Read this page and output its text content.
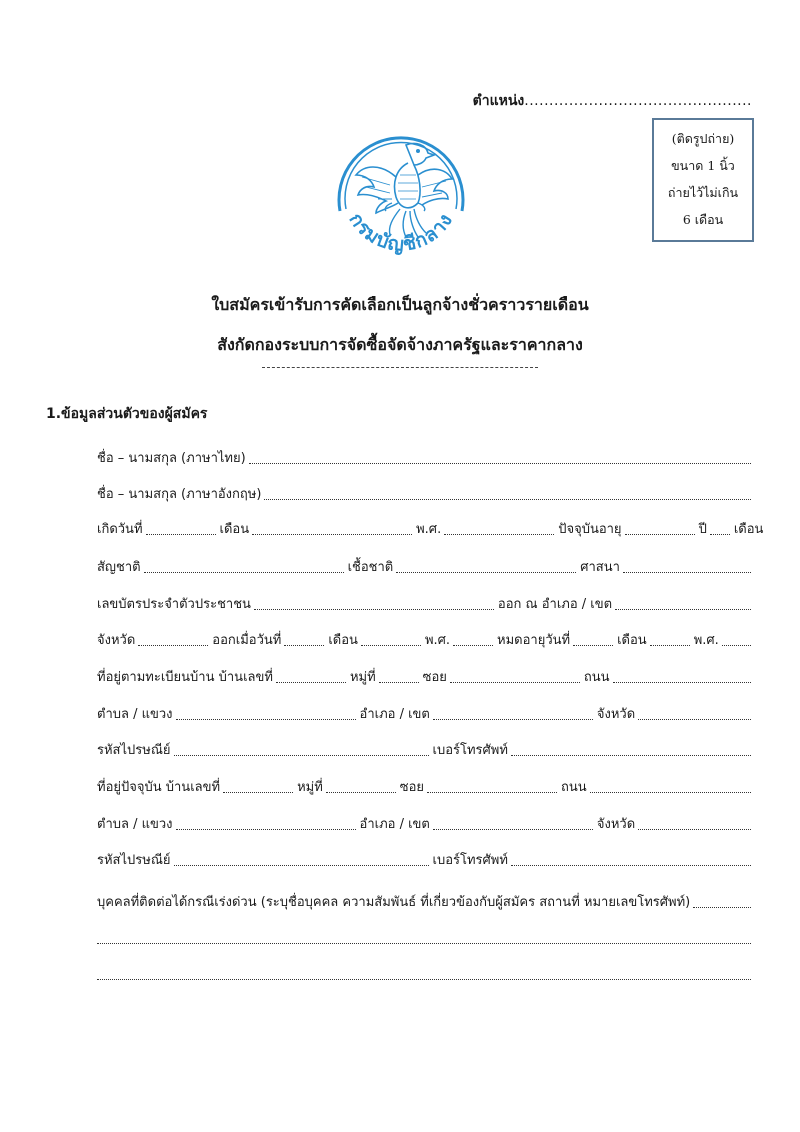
ตำแหน่ง..............................................
(ติดรูปถ่าย)
ขนาด 1 นิ้ว
ถ่ายไว้ไม่เกิน
6 เดือน
กรมบัญชีกลาง
ใบสมัครเข้ารับการคัดเลือกเป็นลูกจ้างชั่วคราวรายเดือน
สังกัดกองระบบการจัดซื้อจัดจ้างภาครัฐและราคากลาง
1.ข้อมูลส่วนตัวของผู้สมัคร
ชื่อ – นามสกุล (ภาษาไทย)
ชื่อ – นามสกุล (ภาษาอังกฤษ)
เกิดวันที่	เดือน	พ.ศ.	ปัจจุบันอายุ	ปี เดือน
สัญชาติ	เชื้อชาติ	ศาสนา
เลขบัตรประจำตัวประชาชน	ออก ณ อำเภอ / เขต
จังหวัด	ออกเมื่อวันที่	เดือน	พ.ศ.	หมดอายุวันที่	เดือน	พ.ศ.
ที่อยู่ตามทะเบียนบ้าน บ้านเลขที่	หมู่ที่	ซอย	ถนน
ตำบล / แขวง	อำเภอ / เขต	จังหวัด
รหัสไปรษณีย์	เบอร์โทรศัพท์
ที่อยู่ปัจจุบัน บ้านเลขที่	หมู่ที่	ซอย	ถนน
ตำบล / แขวง	อำเภอ / เขต	จังหวัด
รหัสไปรษณีย์	เบอร์โทรศัพท์
บุคคลที่ติดต่อได้กรณีเร่งด่วน (ระบุชื่อบุคคล ความสัมพันธ์ ที่เกี่ยวข้องกับผู้สมัคร สถานที่ หมายเลขโทรศัพท์)
